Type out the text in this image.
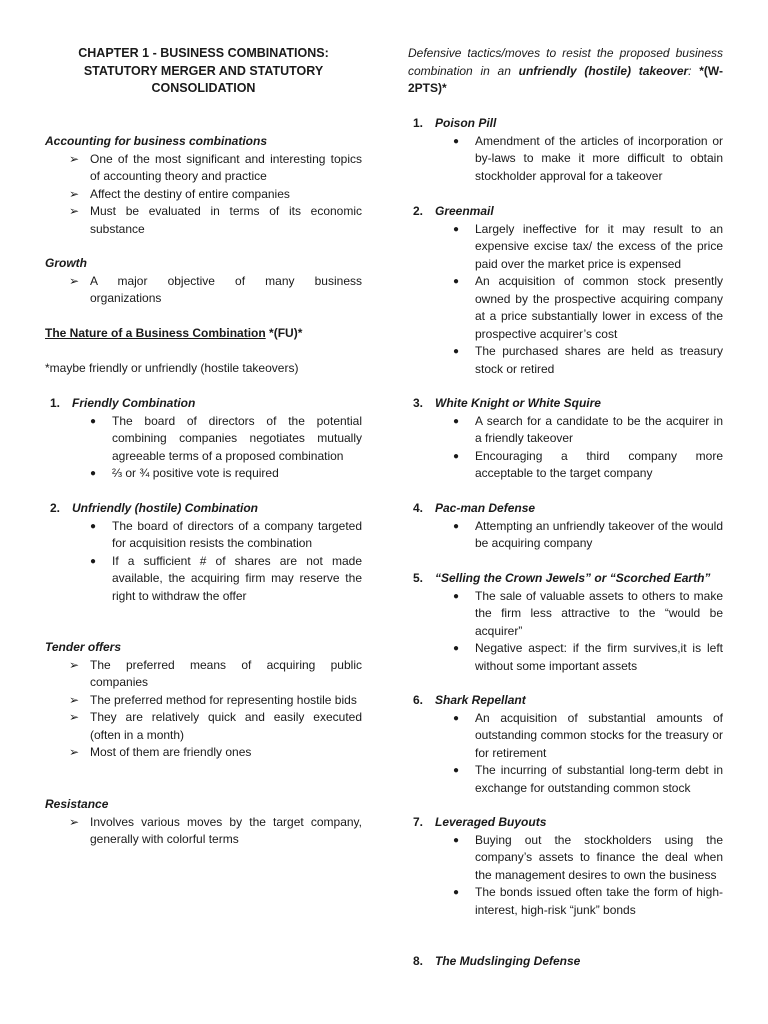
CHAPTER 1 - BUSINESS COMBINATIONS:
STATUTORY MERGER AND STATUTORY
CONSOLIDATION
Accounting for business combinations
➢ One of the most significant and interesting topics of accounting theory and practice
➢ Affect the destiny of entire companies
➢ Must be evaluated in terms of its economic substance
Growth
➢ A major objective of many business organizations
The Nature of a Business Combination *(FU)*
*maybe friendly or unfriendly (hostile takeovers)
1. Friendly Combination
● The board of directors of the potential combining companies negotiates mutually agreeable terms of a proposed combination
● ⅔ or ¾ positive vote is required
2. Unfriendly (hostile) Combination
● The board of directors of a company targeted for acquisition resists the combination
● If a sufficient # of shares are not made available, the acquiring firm may reserve the right to withdraw the offer
Tender offers
➢ The preferred means of acquiring public companies
➢ The preferred method for representing hostile bids
➢ They are relatively quick and easily executed (often in a month)
➢ Most of them are friendly ones
Resistance
➢ Involves various moves by the target company, generally with colorful terms
Defensive tactics/moves to resist the proposed business combination in an unfriendly (hostile) takeover: *(W-2PTS)*
1. Poison Pill
● Amendment of the articles of incorporation or by-laws to make it more difficult to obtain stockholder approval for a takeover
2. Greenmail
● Largely ineffective for it may result to an expensive excise tax/ the excess of the price paid over the market price is expensed
● An acquisition of common stock presently owned by the prospective acquiring company at a price substantially lower in excess of the prospective acquirer’s cost
● The purchased shares are held as treasury stock or retired
3. White Knight or White Squire
● A search for a candidate to be the acquirer in a friendly takeover
● Encouraging a third company more acceptable to the target company
4. Pac-man Defense
● Attempting an unfriendly takeover of the would be acquiring company
5. “Selling the Crown Jewels” or “Scorched Earth”
● The sale of valuable assets to others to make the firm less attractive to the “would be acquirer”
● Negative aspect: if the firm survives,it is left without some important assets
6. Shark Repellant
● An acquisition of substantial amounts of outstanding common stocks for the treasury or for retirement
● The incurring of substantial long-term debt in exchange for outstanding common stock
7. Leveraged Buyouts
● Buying out the stockholders using the company’s assets to finance the deal when the management desires to own the business
● The bonds issued often take the form of high-interest, high-risk “junk” bonds
8. The Mudslinging Defense
